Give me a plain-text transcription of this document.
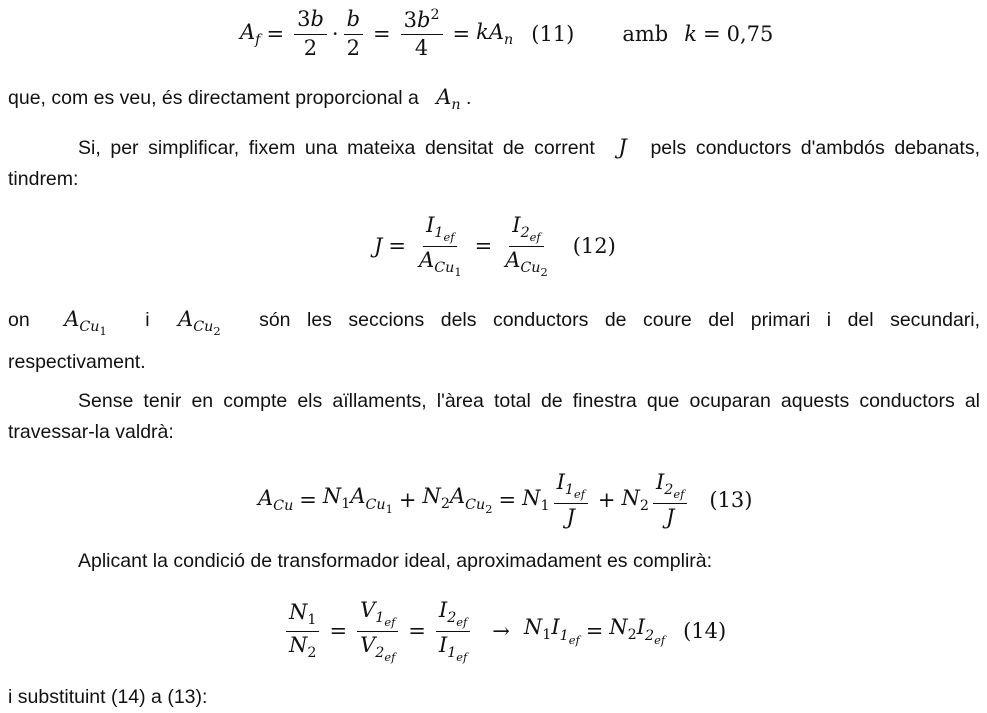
$A_f = \frac{3b}{2} \cdot \frac{b}{2} = \frac{3b^2}{4} = kA_n$ (11) amb k = 0,75
que, com es veu, és directament proporcional a $A_n$ .
Si, per simplificar, fixem una mateixa densitat de corrent J pels conductors d'ambdós debanats, tindrem:
$J = \frac{I_{1_{ef}}}{A_{Cu_1}} = \frac{I_{2_{ef}}}{A_{Cu_2}} (12)$
on $A_{Cu_1}$ i $A_{Cu_2}$ són les seccions dels conductors de coure del primari i del secundari, respectivament.
Sense tenir en compte els aïllaments, l'àrea total de finestra que ocuparan aquests conductors al travessar-la valdrà:
$A_{Cu} = N_1A_{Cu_1} + N_2A_{Cu_2} = N_1 \frac{I_{1_{ef}}}{J} + N_2 \frac{I_{2_{ef}}}{J} (13)$
Aplicant la condició de transformador ideal, aproximadament es complirà:
$\frac{N_1}{N_2} = \frac{V_{1_{ef}}}{V_{2_{ef}}} = \frac{I_{2_{ef}}}{I_{1_{ef}}} \to N_1I_{1_{ef}} = N_2I_{2_{ef}}$ (14)
i substituint (14) a (13):
